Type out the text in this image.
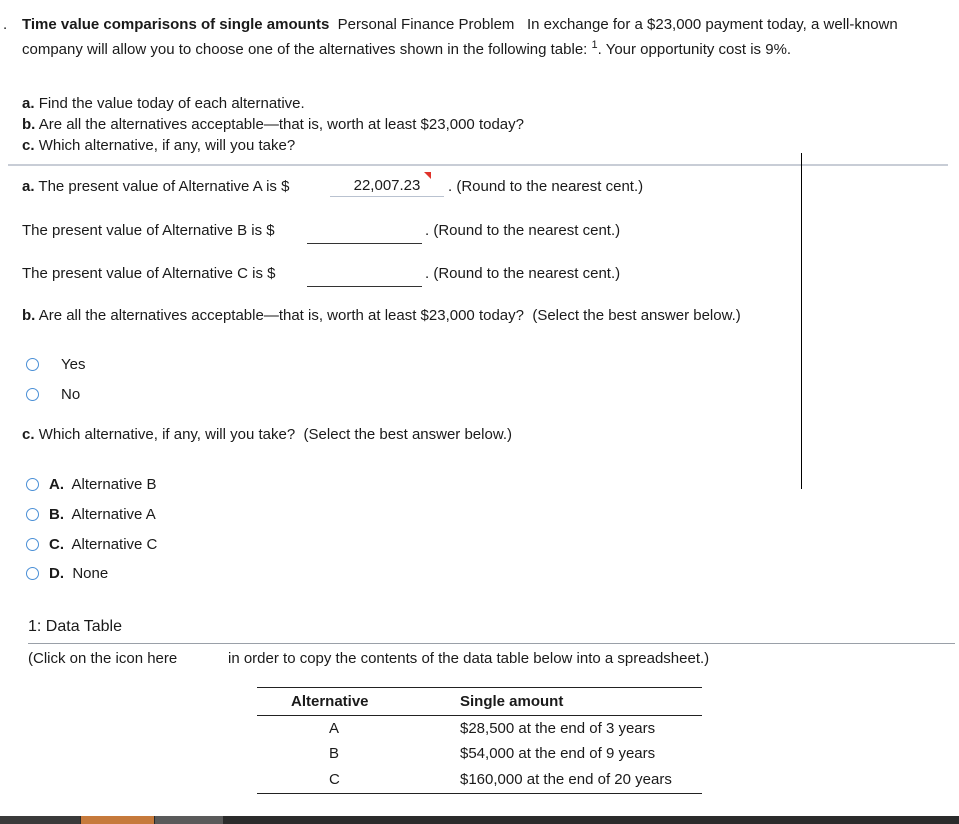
. Time value comparisons of single amounts Personal Finance Problem In exchange for a $23,000 payment today, a well-known company will allow you to choose one of the alternatives shown in the following table: $^1$. Your opportunity cost is 9%.
a. Find the value today of each alternative.
b. Are all the alternatives acceptable—that is, worth at least $23,000 today?
c. Which alternative, if any, will you take?
a. The present value of Alternative A is $	22,007.23	. (Round to the nearest cent.)
The present value of Alternative B is $	. (Round to the nearest cent.)
The present value of Alternative C is $	. (Round to the nearest cent.)
b. Are all the alternatives acceptable—that is, worth at least $23,000 today? (Select the best answer below.)
Yes
No
c. Which alternative, if any, will you take? (Select the best answer below.)
A. Alternative B
B. Alternative A
C. Alternative C
D. None
1: Data Table
(Click on the icon here	in order to copy the contents of the data table below into a spreadsheet.)
Alternative	Single amount
A	$28,500 at the end of 3 years
B	$54,000 at the end of 9 years
C	$160,000 at the end of 20 years
